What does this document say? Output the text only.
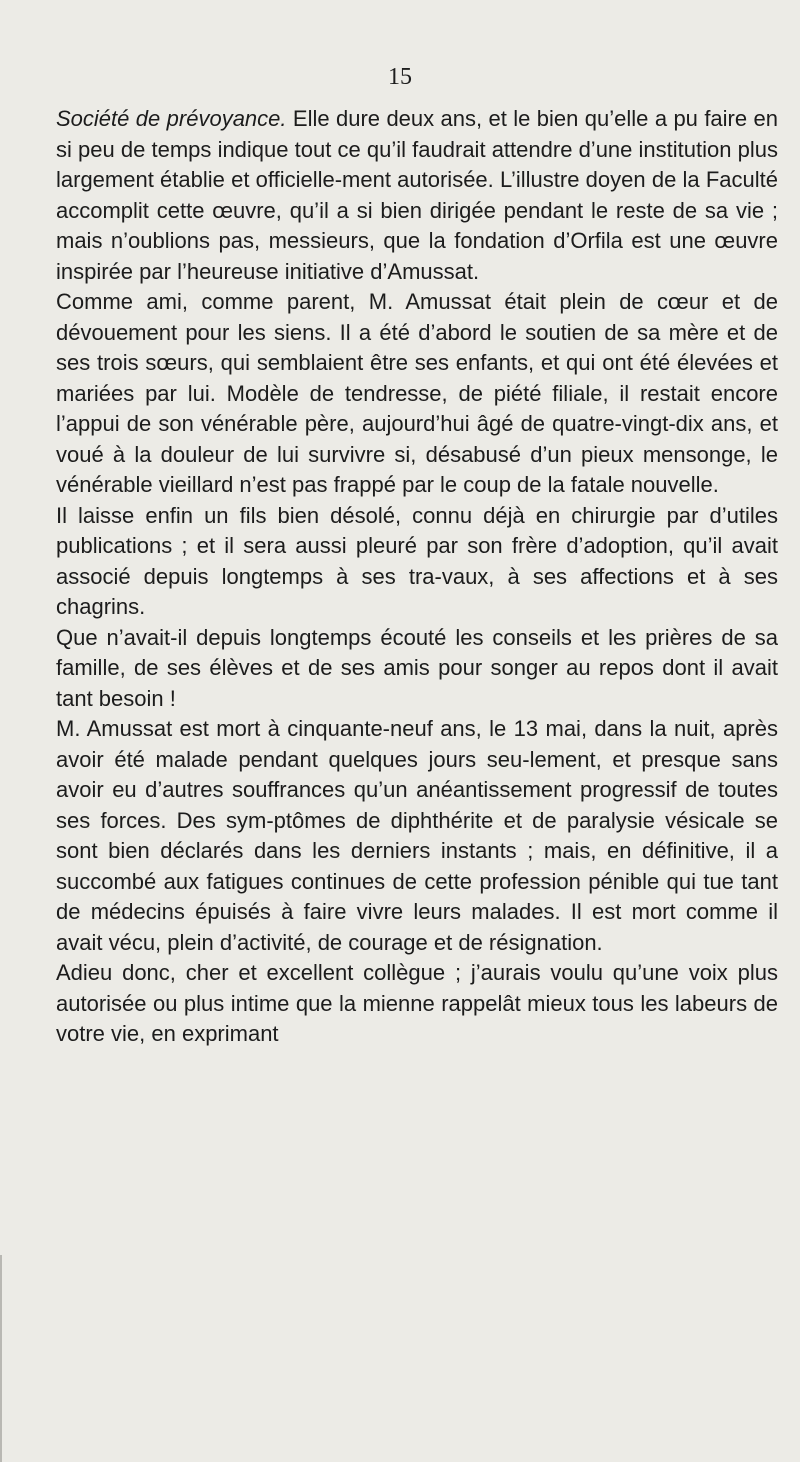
15

Société de prévoyance. Elle dure deux ans, et le bien qu’elle a pu faire en si peu de temps indique tout ce qu’il faudrait attendre d’une institution plus largement établie et officielle-ment autorisée. L’illustre doyen de la Faculté accomplit cette œuvre, qu’il a si bien dirigée pendant le reste de sa vie ; mais n’oublions pas, messieurs, que la fondation d’Orfila est une œuvre inspirée par l’heureuse initiative d’Amussat.

Comme ami, comme parent, M. Amussat était plein de cœur et de dévouement pour les siens. Il a été d’abord le soutien de sa mère et de ses trois sœurs, qui semblaient être ses enfants, et qui ont été élevées et mariées par lui. Modèle de tendresse, de piété filiale, il restait encore l’appui de son vénérable père, aujourd’hui âgé de quatre-vingt-dix ans, et voué à la douleur de lui survivre si, désabusé d’un pieux mensonge, le vénérable vieillard n’est pas frappé par le coup de la fatale nouvelle.

Il laisse enfin un fils bien désolé, connu déjà en chirurgie par d’utiles publications ; et il sera aussi pleuré par son frère d’adoption, qu’il avait associé depuis longtemps à ses tra-vaux, à ses affections et à ses chagrins.

Que n’avait-il depuis longtemps écouté les conseils et les prières de sa famille, de ses élèves et de ses amis pour songer au repos dont il avait tant besoin !

M. Amussat est mort à cinquante-neuf ans, le 13 mai, dans la nuit, après avoir été malade pendant quelques jours seu-lement, et presque sans avoir eu d’autres souffrances qu’un anéantissement progressif de toutes ses forces. Des sym-ptômes de diphthérite et de paralysie vésicale se sont bien déclarés dans les derniers instants ; mais, en définitive, il a succombé aux fatigues continues de cette profession pénible qui tue tant de médecins épuisés à faire vivre leurs malades. Il est mort comme il avait vécu, plein d’activité, de courage et de résignation.

Adieu donc, cher et excellent collègue ; j’aurais voulu qu’une voix plus autorisée ou plus intime que la mienne rappelât mieux tous les labeurs de votre vie, en exprimant
